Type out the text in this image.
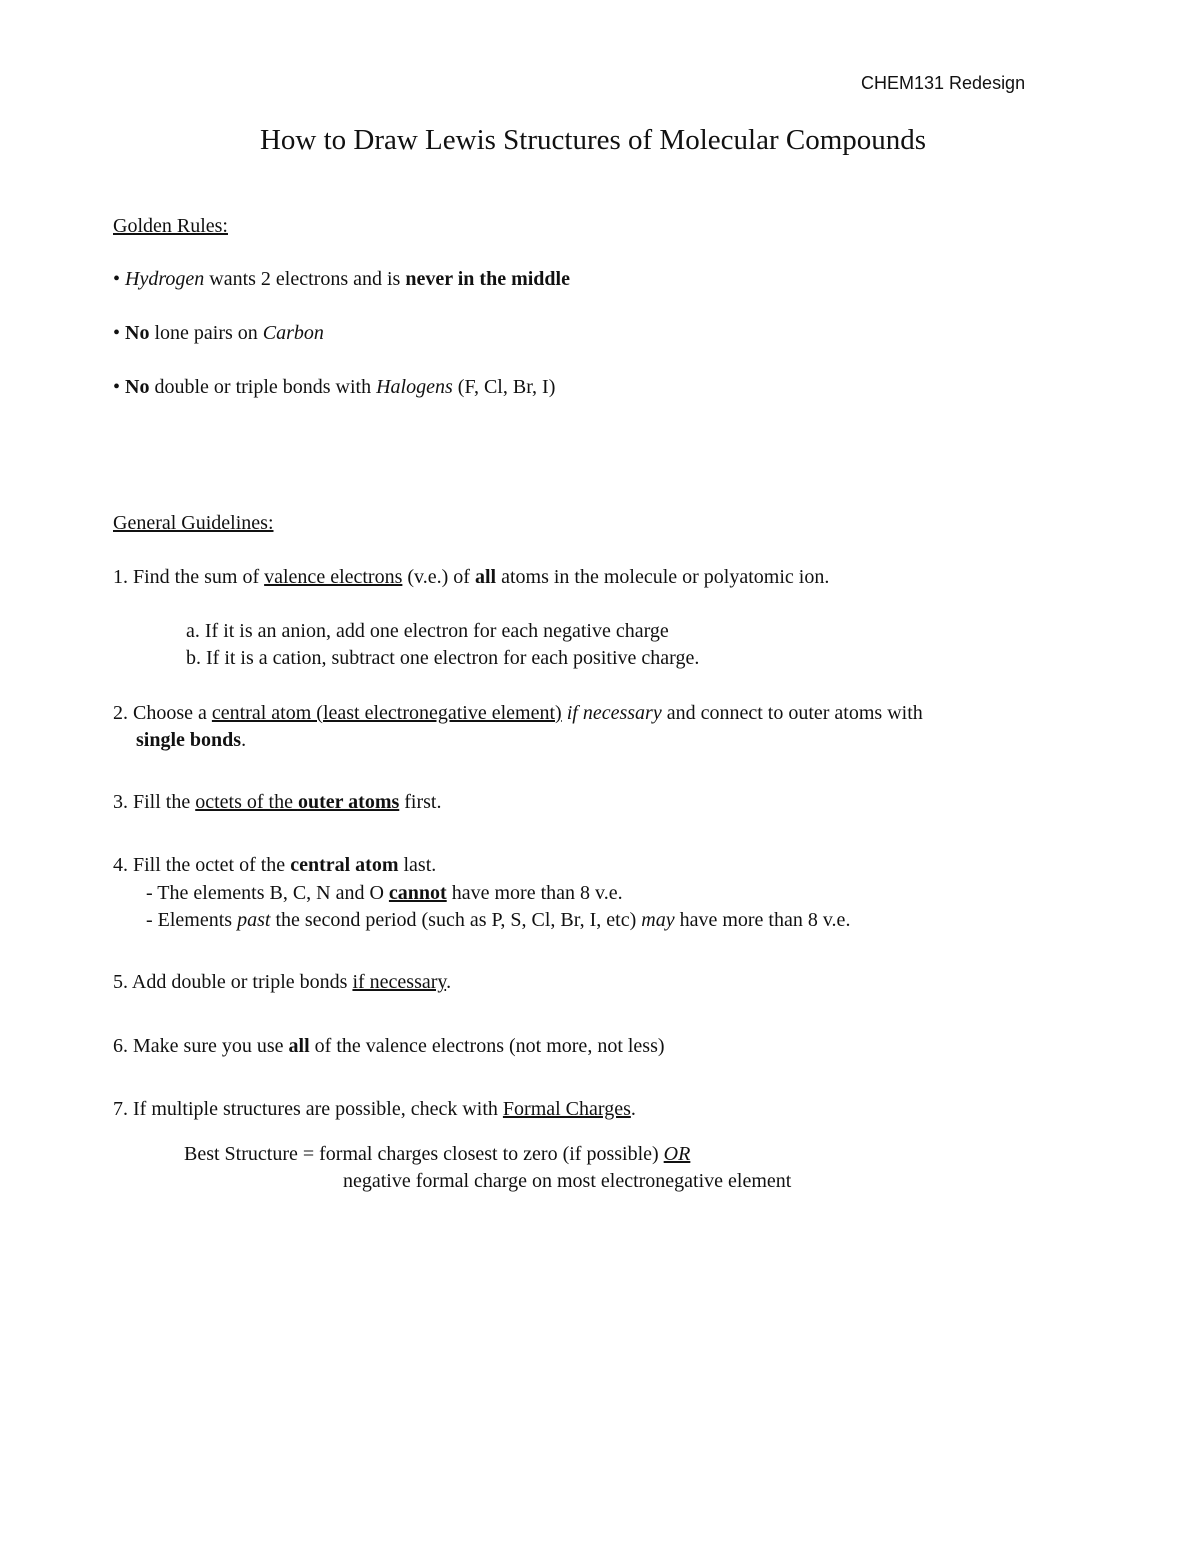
CHEM131 Redesign
How to Draw Lewis Structures of Molecular Compounds
Golden Rules:
• Hydrogen wants 2 electrons and is never in the middle
• No lone pairs on Carbon
• No double or triple bonds with Halogens (F, Cl, Br, I)
General Guidelines:
1. Find the sum of valence electrons (v.e.) of all atoms in the molecule or polyatomic ion.
a. If it is an anion, add one electron for each negative charge
b. If it is a cation, subtract one electron for each positive charge.
2. Choose a central atom (least electronegative element) if necessary and connect to outer atoms with
single bonds.
3. Fill the octets of the outer atoms first.
4. Fill the octet of the central atom last.
- The elements B, C, N and O cannot have more than 8 v.e.
- Elements past the second period (such as P, S, Cl, Br, I, etc) may have more than 8 v.e.
5. Add double or triple bonds if necessary.
6. Make sure you use all of the valence electrons (not more, not less)
7. If multiple structures are possible, check with Formal Charges.
Best Structure = formal charges closest to zero (if possible) OR
negative formal charge on most electronegative element
